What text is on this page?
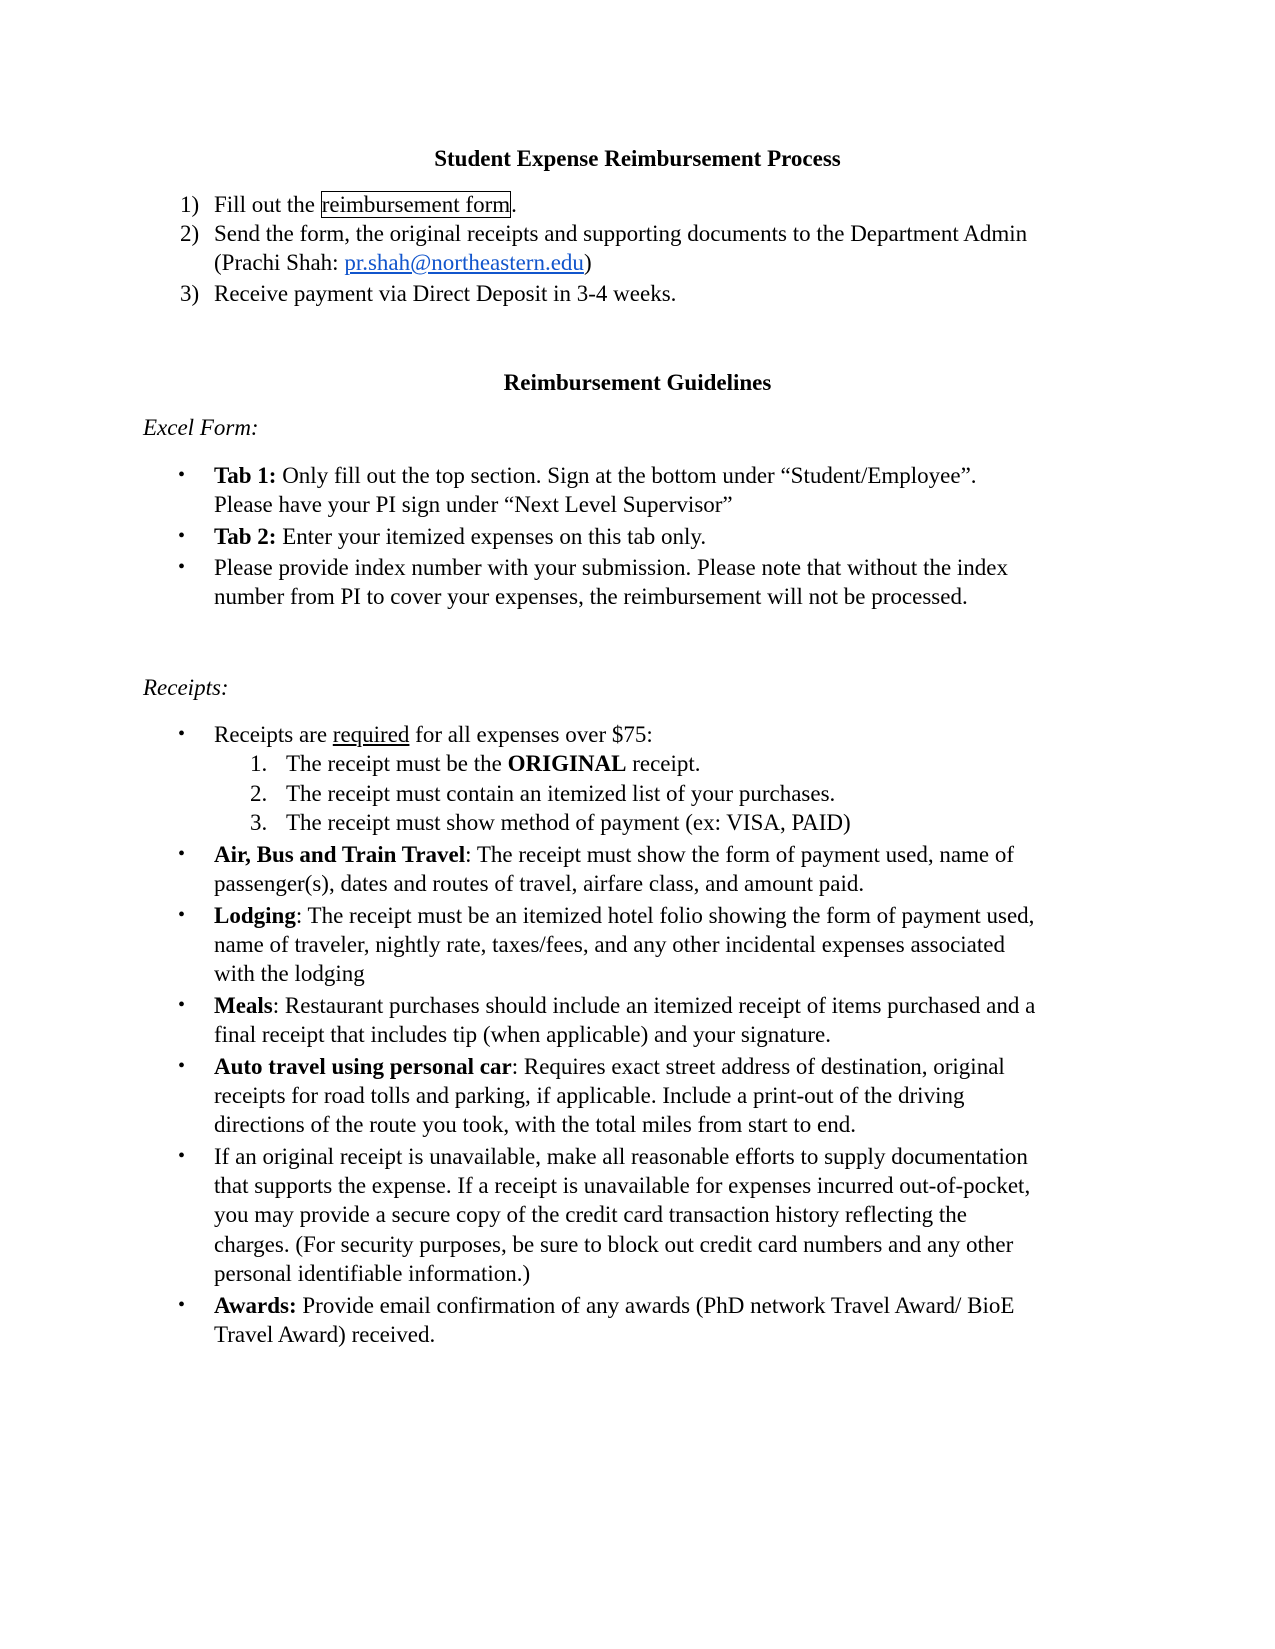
Student Expense Reimbursement Process
1) Fill out the reimbursement form.
2) Send the form, the original receipts and supporting documents to the Department Admin
(Prachi Shah: pr.shah@northeastern.edu)
3) Receive payment via Direct Deposit in 3-4 weeks.
Reimbursement Guidelines
Excel Form:
• Tab 1: Only fill out the top section. Sign at the bottom under “Student/Employee”.
Please have your PI sign under “Next Level Supervisor”
• Tab 2: Enter your itemized expenses on this tab only.
• Please provide index number with your submission. Please note that without the index
number from PI to cover your expenses, the reimbursement will not be processed.
Receipts:
• Receipts are required for all expenses over $75:
1. The receipt must be the ORIGINAL receipt.
2. The receipt must contain an itemized list of your purchases.
3. The receipt must show method of payment (ex: VISA, PAID)
• Air, Bus and Train Travel: The receipt must show the form of payment used, name of
passenger(s), dates and routes of travel, airfare class, and amount paid.
• Lodging: The receipt must be an itemized hotel folio showing the form of payment used,
name of traveler, nightly rate, taxes/fees, and any other incidental expenses associated
with the lodging
• Meals: Restaurant purchases should include an itemized receipt of items purchased and a
final receipt that includes tip (when applicable) and your signature.
• Auto travel using personal car: Requires exact street address of destination, original
receipts for road tolls and parking, if applicable. Include a print-out of the driving
directions of the route you took, with the total miles from start to end.
• If an original receipt is unavailable, make all reasonable efforts to supply documentation
that supports the expense. If a receipt is unavailable for expenses incurred out-of-pocket,
you may provide a secure copy of the credit card transaction history reflecting the
charges. (For security purposes, be sure to block out credit card numbers and any other
personal identifiable information.)
• Awards: Provide email confirmation of any awards (PhD network Travel Award/ BioE
Travel Award) received.
